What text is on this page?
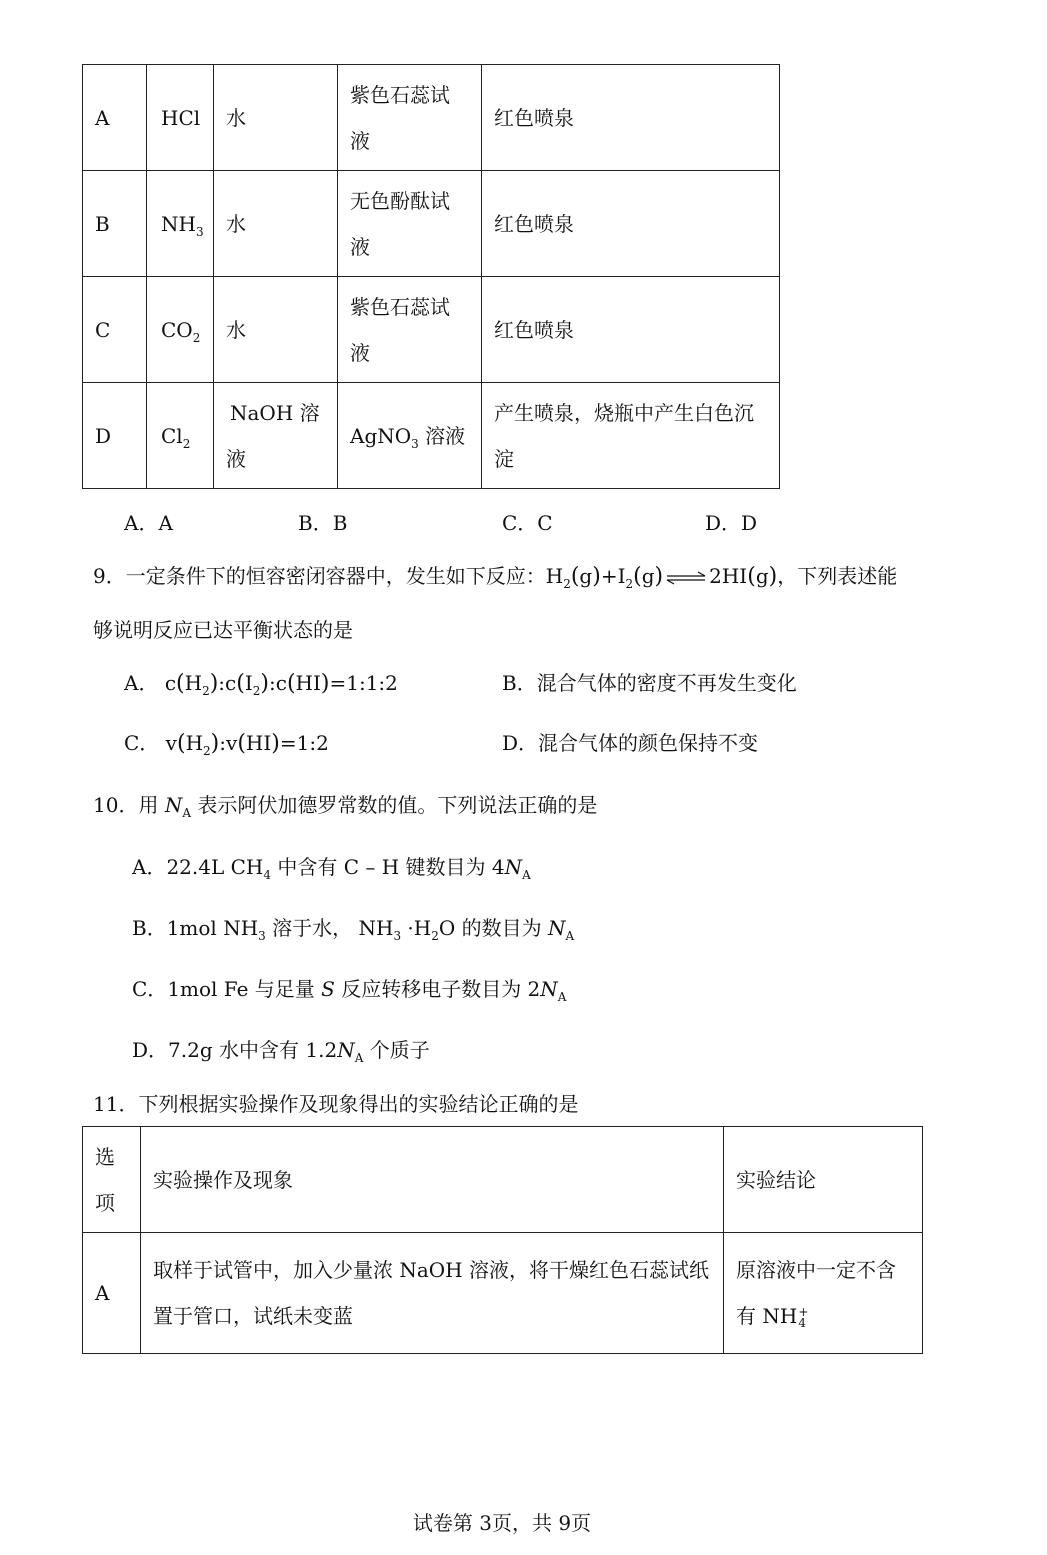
A	HCl	水	紫色石蕊试
液	红色喷泉
B	$NH_3$	水	无色酚酞试
液	红色喷泉
C	$CO_2$	水	紫色石蕊试
液	红色喷泉
D	$Cl_2$	NaOH 溶
液	AgNO$_3$ 溶液	产生喷泉，烧瓶中产生白色沉
淀
A．A	B．B	C．C	D．D
9．一定条件下的恒容密闭容器中，发生如下反应：$H_2(g)+I_2(g)$ ⇌ 2HI(g)，下列表述能
够说明反应已达平衡状态的是
A． $c(H_2):c(I_2):c(HI)=1:1:2$	B．混合气体的密度不再发生变化
C． $v(H_2):v(HI)=1:2$	D．混合气体的颜色保持不变
10．用 $N_A$ 表示阿伏加德罗常数的值。下列说法正确的是
A．22.4L $CH_4$ 中含有 C – H 键数目为 $4N_A$
B．1mol $NH_3$ 溶于水， $NH_3 \cdot H_2O$ 的数目为 $N_A$
C．1mol Fe 与足量 S 反应转移电子数目为 $2N_A$
D．7.2g 水中含有 $1.2N_A$ 个质子
11．下列根据实验操作及现象得出的实验结论正确的是
选
项	实验操作及现象	实验结论
A	取样于试管中，加入少量浓 NaOH 溶液，将干燥红色石蕊试纸
置于管口，试纸未变蓝	原溶液中一定不含
有 NH +
4
试卷第 3页，共 9页
